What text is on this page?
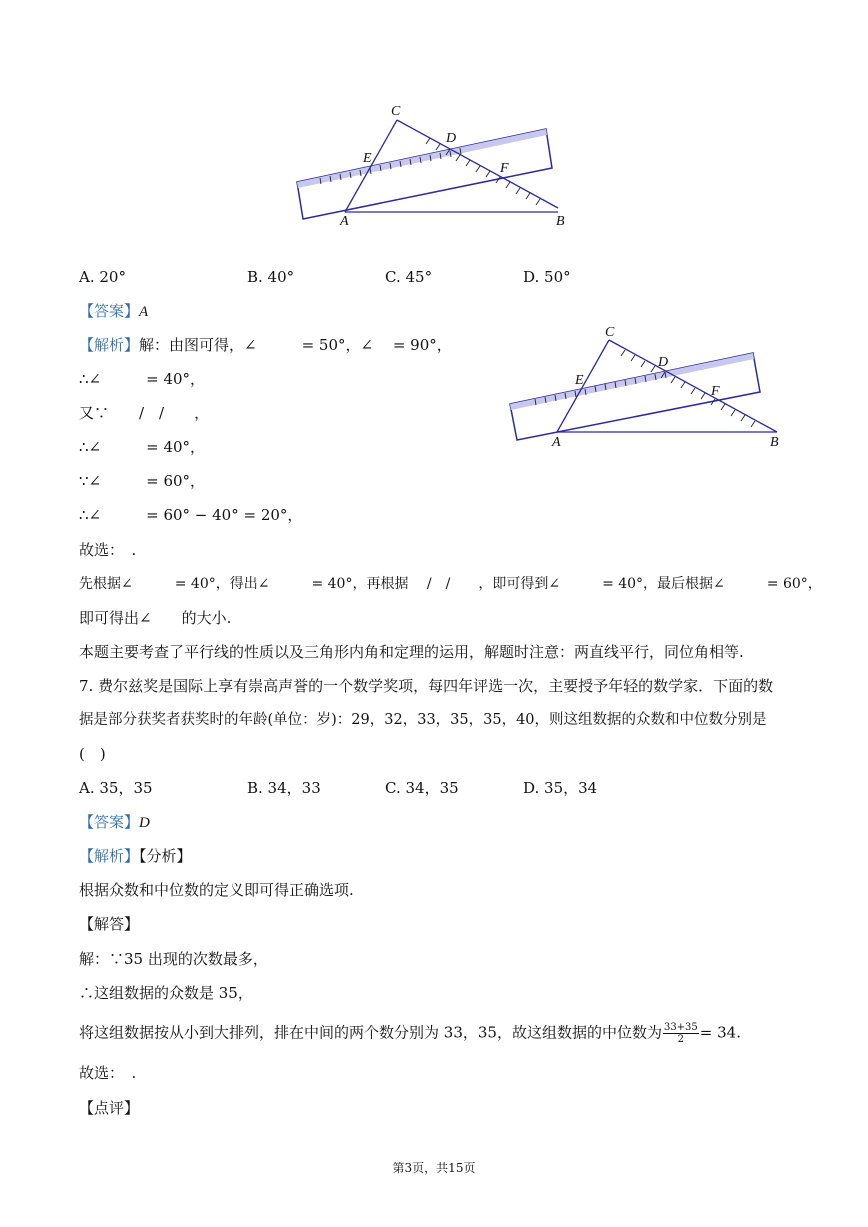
C
D
E
F
A	B
A. 20°	B. 40°	C. 45°	D. 50°
【答案】A
【解析】解：由图可得，∠　　　= 50°，∠　 = 90°，
∴∠　　　= 40°，
又∵　　/　/　　，
∴∠　　　= 40°，
∵∠　　　= 60°，
∴∠　　　= 60° − 40° = 20°，
故选：　.
先根据∠　　　= 40°，得出∠　　　= 40°，再根据　 /　/　　，即可得到∠　　　= 40°，最后根据∠　　　= 60°，
即可得出∠　　的大小.
本题主要考查了平行线的性质以及三角形内角和定理的运用，解题时注意：两直线平行，同位角相等.
C
D
E
F
A	B
7. 费尔兹奖是国际上享有崇高声誉的一个数学奖项，每四年评选一次，主要授予年轻的数学家．下面的数
据是部分获奖者获奖时的年龄(单位：岁)：29，32，33，35，35，40，则这组数据的众数和中位数分别是
(　)
A. 35，35	B. 34，33	C. 34，35	D. 35，34
【答案】D
【解析】【分析】
根据众数和中位数的定义即可得正确选项.
【解答】
解：∵35 出现的次数最多，
∴这组数据的众数是 35，
将这组数据按从小到大排列，排在中间的两个数分别为 33，35，故这组数据的中位数为 $\frac{33+35}{2} = 34$.
故选：　.
【点评】
第3页，共15页
